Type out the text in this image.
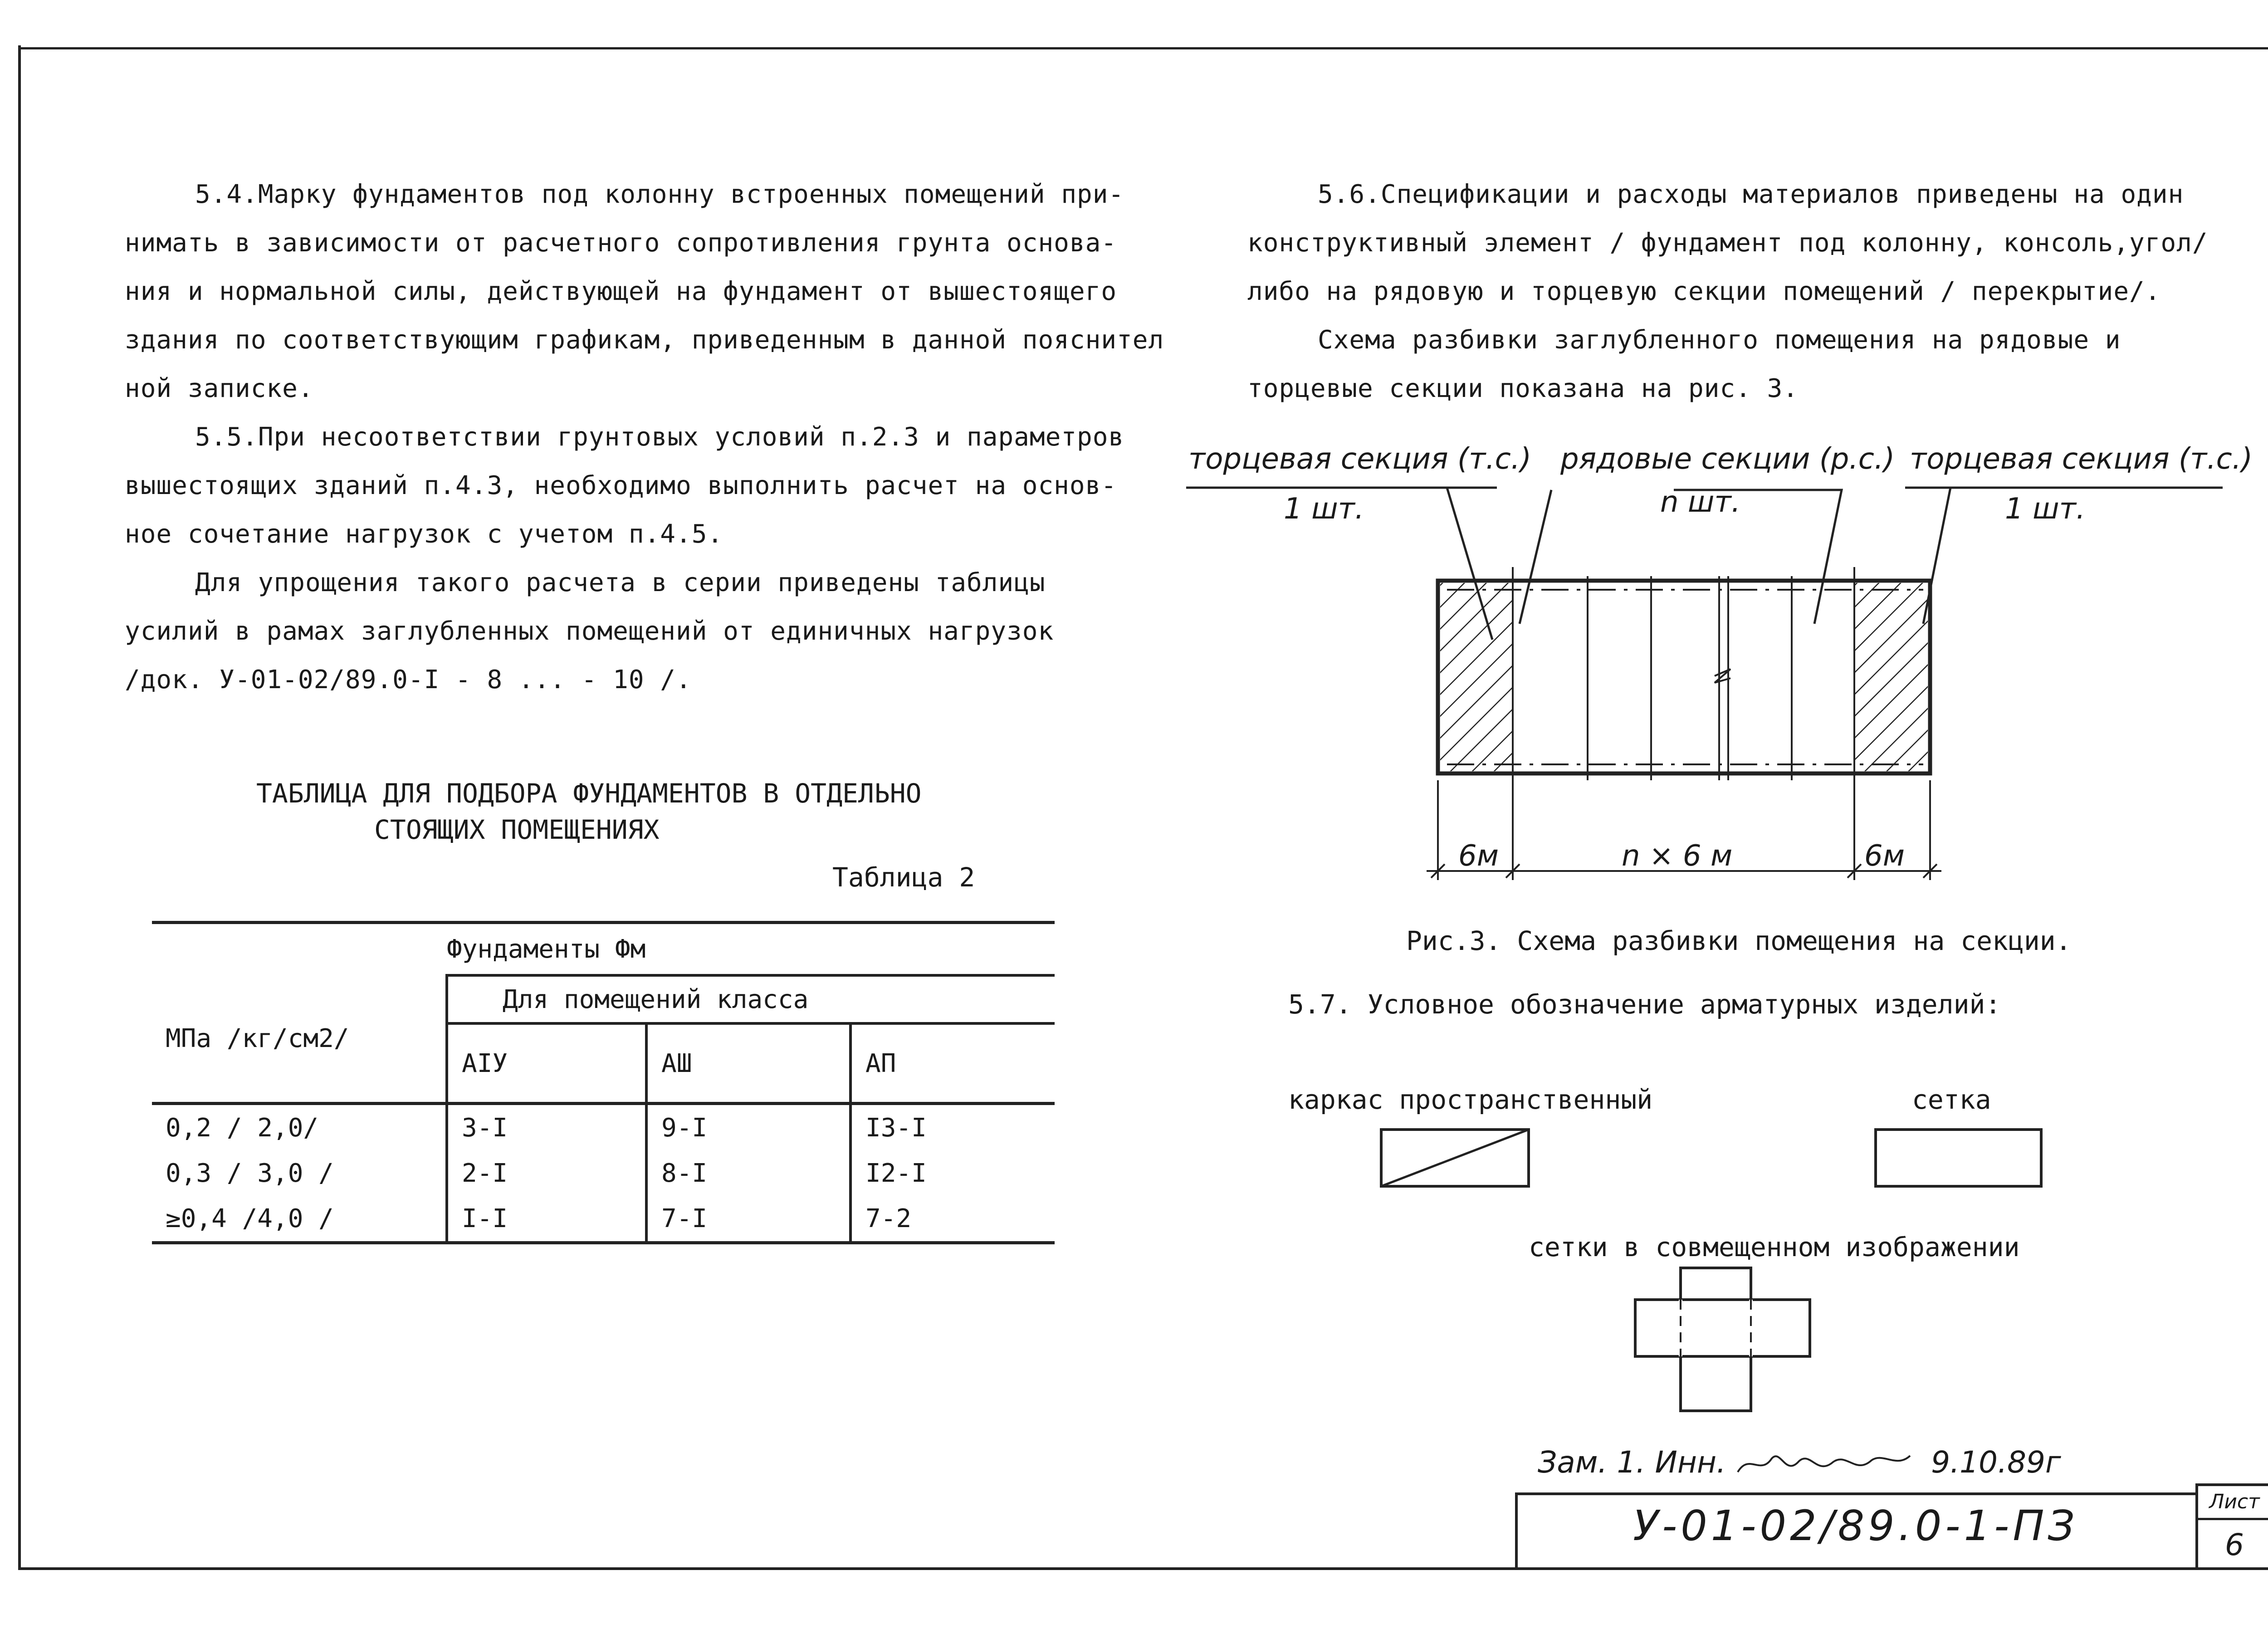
5.4.Марку фундаментов под колонну встроенных помещений при-
нимать в зависимости от расчетного сопротивления грунта основа-
ния и нормальной силы, действующей на фундамент от вышестоящего
здания по соответствующим графикам, приведенным в данной пояснител
ной записке.
5.5.При несоответствии грунтовых условий п.2.3 и параметров
вышестоящих зданий п.4.3, необходимо выполнить расчет на основ-
ное сочетание нагрузок с учетом п.4.5.
Для упрощения такого расчета в серии приведены таблицы
усилий в рамах заглубленных помещений от единичных нагрузок
/док. У-01-02/89.0-I - 8 ... - 10 /.
ТАБЛИЦА ДЛЯ ПОДБОРА ФУНДАМЕНТОВ В ОТДЕЛЬНО
СТОЯЩИХ ПОМЕЩЕНИЯХ
Таблица 2
	Фундаменты Фм		
МПа /кг/см2/	Для помещений класса		
	AIУ	AШ	AП
0,2 / 2,0/	3-I	9-I	I3-I
0,3 / 3,0 /	2-I	8-I	I2-I
≥0,4 /4,0 /	I-I	7-I	7-2
5.6.Спецификации и расходы материалов приведены на один
конструктивный элемент / фундамент под колонну, консоль,угол/
либо на рядовую и торцевую секции помещений / перекрытие/.
Схема разбивки заглубленного помещения на рядовые и
торцевые секции показана на рис. 3.
торцевая секция (т.с.)
1 шт.
рядовые секции (р.с.)
n шт.
торцевая секция (т.с.)
1 шт.
6м	n × 6 м	6м
Рис.3. Схема разбивки помещения на секции.
5.7. Условное обозначение арматурных изделий:
каркас пространственный	сетка
сетки в совмещенном изображении
Зам. 1. Инн.	9.10.89г
У-01-02/89.0-1-ПЗ	Лист
6
